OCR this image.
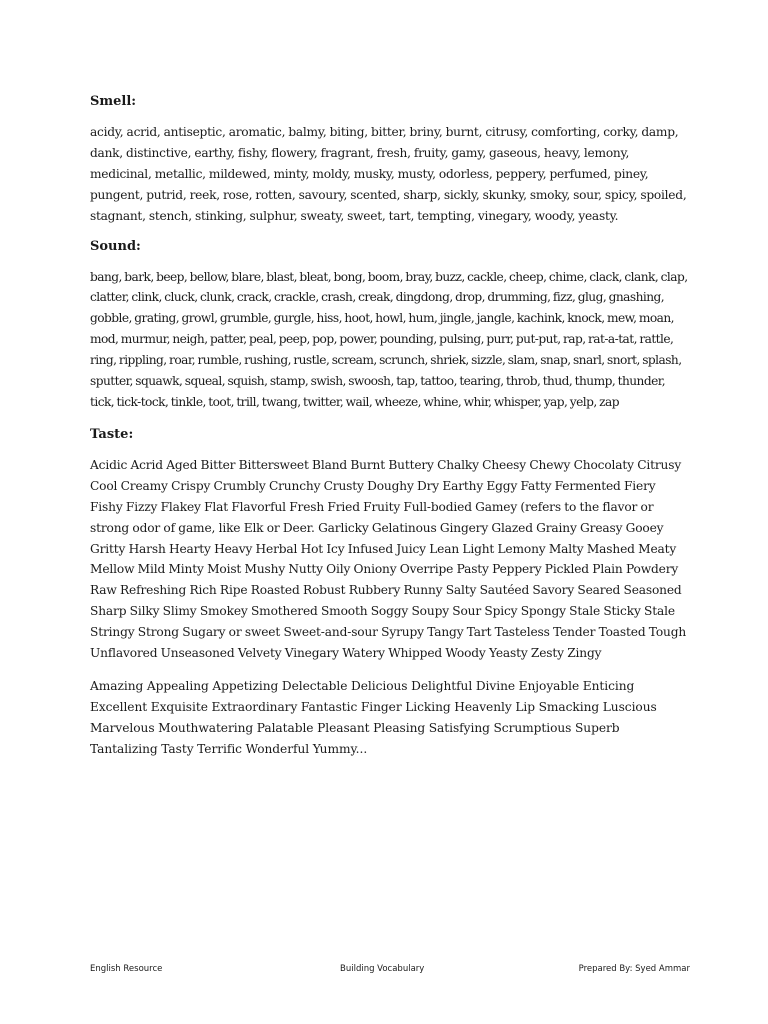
Smell:

acidy, acrid, antiseptic, aromatic, balmy, biting, bitter, briny, burnt, citrusy, comforting, corky, damp, dank, distinctive, earthy, fishy, flowery, fragrant, fresh, fruity, gamy, gaseous, heavy, lemony, medicinal, metallic, mildewed, minty, moldy, musky, musty, odorless, peppery, perfumed, piney, pungent, putrid, reek, rose, rotten, savoury, scented, sharp, sickly, skunky, smoky, sour, spicy, spoiled, stagnant, stench, stinking, sulphur, sweaty, sweet, tart, tempting, vinegary, woody, yeasty.

Sound:

bang, bark, beep, bellow, blare, blast, bleat, bong, boom, bray, buzz, cackle, cheep, chime, clack, clank, clap, clatter, clink, cluck, clunk, crack, crackle, crash, creak, dingdong, drop, drumming, fizz, glug, gnashing, gobble, grating, growl, grumble, gurgle, hiss, hoot, howl, hum, jingle, jangle, kachink, knock, mew, moan, mod, murmur, neigh, patter, peal, peep, pop, power, pounding, pulsing, purr, put-put, rap, rat-a-tat, rattle, ring, rippling, roar, rumble, rushing, rustle, scream, scrunch, shriek, sizzle, slam, snap, snarl, snort, splash, sputter, squawk, squeal, squish, stamp, swish, swoosh, tap, tattoo, tearing, throb, thud, thump, thunder, tick, tick-tock, tinkle, toot, trill, twang, twitter, wail, wheeze, whine, whir, whisper, yap, yelp, zap

Taste:

Acidic Acrid Aged Bitter Bittersweet Bland Burnt Buttery Chalky Cheesy Chewy Chocolaty Citrusy Cool Creamy Crispy Crumbly Crunchy Crusty Doughy Dry Earthy Eggy Fatty Fermented Fiery Fishy Fizzy Flakey Flat Flavorful Fresh Fried Fruity Full-bodied Gamey (refers to the flavor or strong odor of game, like Elk or Deer. Garlicky Gelatinous Gingery Glazed Grainy Greasy Gooey Gritty Harsh Hearty Heavy Herbal Hot Icy Infused Juicy Lean Light Lemony Malty Mashed Meaty Mellow Mild Minty Moist Mushy Nutty Oily Oniony Overripe Pasty Peppery Pickled Plain Powdery Raw Refreshing Rich Ripe Roasted Robust Rubbery Runny Salty Sautéed Savory Seared Seasoned Sharp Silky Slimy Smokey Smothered Smooth Soggy Soupy Sour Spicy Spongy Stale Sticky Stale Stringy Strong Sugary or sweet Sweet-and-sour Syrupy Tangy Tart Tasteless Tender Toasted Tough Unflavored Unseasoned Velvety Vinegary Watery Whipped Woody Yeasty Zesty Zingy

Amazing Appealing Appetizing Delectable Delicious Delightful Divine Enjoyable Enticing Excellent Exquisite Extraordinary Fantastic Finger Licking Heavenly Lip Smacking Luscious Marvelous Mouthwatering Palatable Pleasant Pleasing Satisfying Scrumptious Superb Tantalizing Tasty Terrific Wonderful Yummy...

English Resource	Building Vocabulary	Prepared By: Syed Ammar
